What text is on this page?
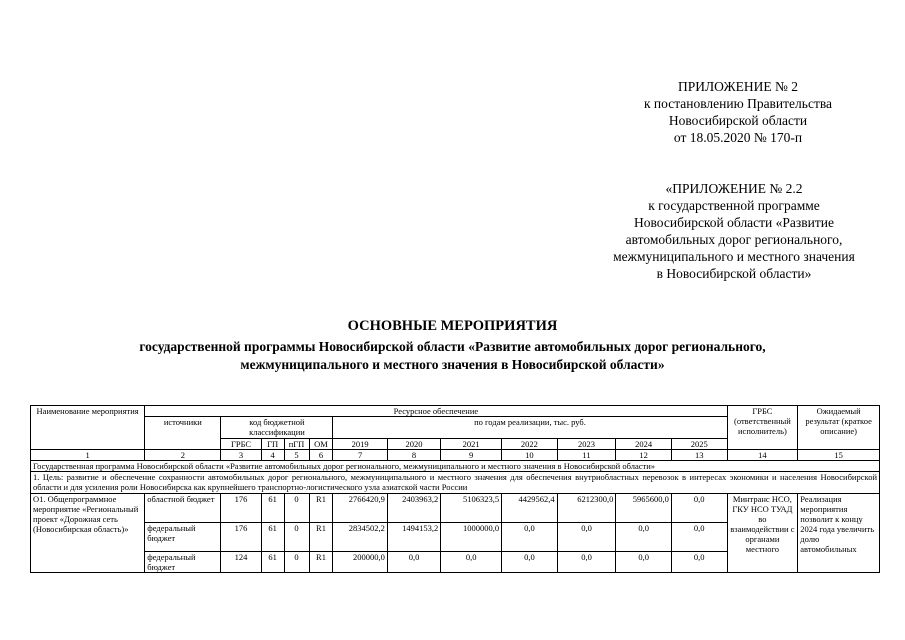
ПРИЛОЖЕНИЕ № 2
к постановлению Правительства
Новосибирской области
от 18.05.2020 № 170-п
«ПРИЛОЖЕНИЕ № 2.2
к государственной программе
Новосибирской области «Развитие
автомобильных дорог регионального,
межмуниципального и местного значения
в Новосибирской области»
ОСНОВНЫЕ МЕРОПРИЯТИЯ
государственной программы Новосибирской области «Развитие автомобильных дорог регионального,
межмуниципального и местного значения в Новосибирской области»
Наименование мероприятия	Ресурсное обеспечение												ГРБС (ответственный исполнитель)	Ожидаемый результат (краткое описание)
	источники	код бюджетной классификации				по годам реализации, тыс. руб.								
		ГРБС	ГП	пГП	ОМ	2019	2020	2021	2022	2023	2024	2025		
1	2	3	4	5	6	7	8	9	10	11	12	13	14	15
Государственная программа Новосибирской области «Развитие автомобильных дорог регионального, межмуниципального и местного значения в Новосибирской области»														
1. Цель: развитие и обеспечение сохранности автомобильных дорог регионального, межмуниципального и местного значения для обеспечения внутриобластных перевозок в интересах экономики и населения Новосибирской области и для усиления роли Новосибирска как крупнейшего транспортно-логистического узла азиатской части России														
О1. Общепрограммное мероприятие «Региональный проект «Дорожная сеть (Новосибирская область)»	областной бюджет	176	61	0	R1	2766420,9	2403963,2	5106323,5	4429562,4	6212300,0	5965600,0	0,0	Минтранс НСО, ГКУ НСО ТУАД во взаимодействии с органами местного	Реализация мероприятия позволит к концу 2024 года увеличить долю автомобильных
	федеральный бюджет	176	61	0	R1	2834502,2	1494153,2	1000000,0	0,0	0,0	0,0	0,0		
	федеральный бюджет	124	61	0	R1	200000,0	0,0	0,0	0,0	0,0	0,0	0,0		
